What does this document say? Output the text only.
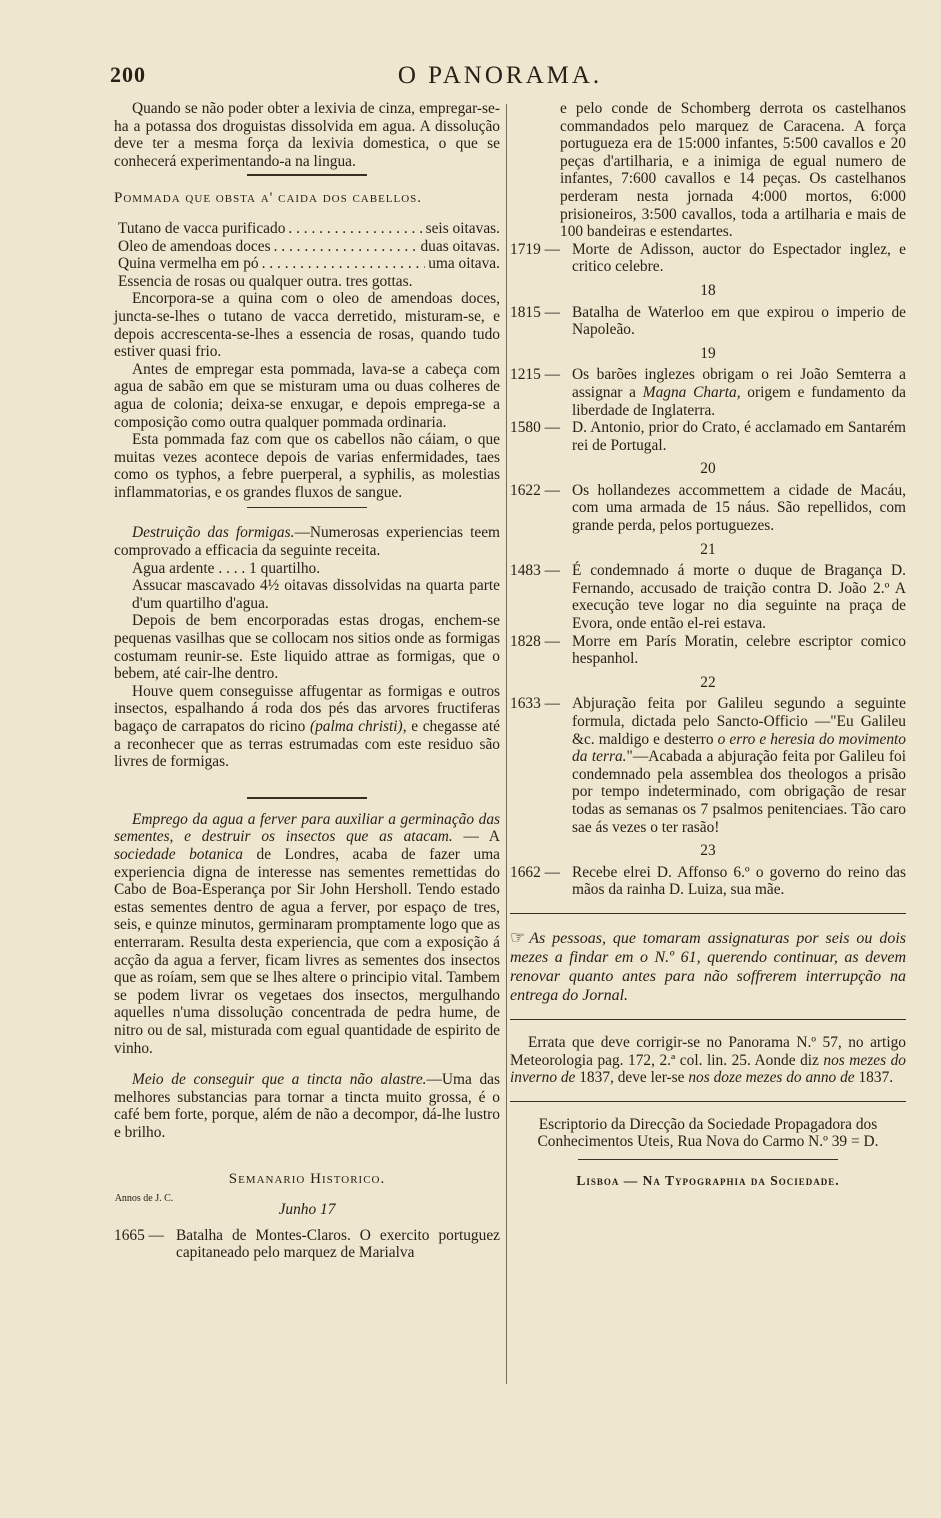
200	O PANORAMA.

Quando se não poder obter a lexivia de cinza, empregar-se-ha a potassa dos droguistas dissolvida em agua. A dissolução deve ter a mesma força da lexivia domestica, o que se conhecerá experimentando-a na lingua.

Pommada que obsta a' caida dos cabellos.
Tutano de vacca purificado . . .	seis oitavas.
Oleo de amendoas doces . . .	duas oitavas.
Quina vermelha em pó . . .	uma oitava.
Essencia de rosas ou qualquer outra. tres gottas.

Encorpora-se a quina com o oleo de amendoas doces, juncta-se-lhes o tutano de vacca derretido, misturam-se, e depois accrescenta-se-lhes a essencia de rosas, quando tudo estiver quasi frio.

Antes de empregar esta pommada, lava-se a cabeça com agua de sabão em que se misturam uma ou duas colheres de agua de colonia; deixa-se enxugar, e depois emprega-se a composição como outra qualquer pommada ordinaria.

Esta pommada faz com que os cabellos não cáiam, o que muitas vezes acontece depois de varias enfermidades, taes como os typhos, a febre puerperal, a syphilis, as molestias inflammatorias, e os grandes fluxos de sangue.

Destruição das formigas.—Numerosas experiencias teem comprovado a efficacia da seguinte receita.

Agua ardente . . . . 1 quartilho.

Assucar mascavado 4½ oitavas dissolvidas na quarta parte d'um quartilho d'agua.

Depois de bem encorporadas estas drogas, enchem-se pequenas vasilhas que se collocam nos sitios onde as formigas costumam reunir-se. Este liquido attrae as formigas, que o bebem, até cair-lhe dentro.

Houve quem conseguisse affugentar as formigas e outros insectos, espalhando á roda dos pés das arvores fructiferas bagaço de carrapatos do ricino (palma christi), e chegasse até a reconhecer que as terras estrumadas com este residuo são livres de formigas.

Emprego da agua a ferver para auxiliar a germinação das sementes, e destruir os insectos que as atacam. — A sociedade botanica de Londres, acaba de fazer uma experiencia digna de interesse nas sementes remettidas do Cabo de Boa-Esperança por Sir John Hersholl. Tendo estado estas sementes dentro de agua a ferver, por espaço de tres, seis, e quinze minutos, germinaram promptamente logo que as enterraram. Resulta desta experiencia, que com a exposição á acção da agua a ferver, ficam livres as sementes dos insectos que as roíam, sem que se lhes altere o principio vital. Tambem se podem livrar os vegetaes dos insectos, mergulhando aquelles n'uma dissolução concentrada de pedra hume, de nitro ou de sal, misturada com egual quantidade de espirito de vinho.

Meio de conseguir que a tincta não alastre.—Uma das melhores substancias para tornar a tincta muito grossa, é o café bem forte, porque, além de não a decompor, dá-lhe lustro e brilho.

Semanario Historico.
Annos de J. C.
Junho 17
1665 — Batalha de Montes-Claros. O exercito portuguez capitaneado pelo marquez de Marialva

e pelo conde de Schomberg derrota os castelhanos commandados pelo marquez de Caracena. A força portugueza era de 15:000 infantes, 5:500 cavallos e 20 peças d'artilharia, e a inimiga de egual numero de infantes, 7:600 cavallos e 14 peças. Os castelhanos perderam nesta jornada 4:000 mortos, 6:000 prisioneiros, 3:500 cavallos, toda a artilharia e mais de 100 bandeiras e estendartes.

1719 — Morte de Adisson, auctor do Espectador inglez, e critico celebre.
18
1815 — Batalha de Waterloo em que expirou o imperio de Napoleão.
19
1215 — Os barões inglezes obrigam o rei João Semterra a assignar a Magna Charta, origem e fundamento da liberdade de Inglaterra.
1580 — D. Antonio, prior do Crato, é acclamado em Santarém rei de Portugal.
20
1622 — Os hollandezes accommettem a cidade de Macáu, com uma armada de 15 náus. São repellidos, com grande perda, pelos portuguezes.
21
1483 — É condemnado á morte o duque de Bragança D. Fernando, accusado de traição contra D. João 2.º A execução teve logar no dia seguinte na praça de Evora, onde então el-rei estava.
1828 — Morre em París Moratin, celebre escriptor comico hespanhol.
22
1633 — Abjuração feita por Galileu segundo a seguinte formula, dictada pelo Sancto-Officio —"Eu Galileu &c. maldigo e desterro o erro e heresia do movimento da terra."—Acabada a abjuração feita por Galileu foi condemnado pela assemblea dos theologos a prisão por tempo indeterminado, com obrigação de resar todas as semanas os 7 psalmos penitenciaes. Tão caro sae ás vezes o ter rasão!
23
1662 — Recebe elrei D. Affonso 6.º o governo do reino das mãos da rainha D. Luiza, sua mãe.

☞ As pessoas, que tomaram assignaturas por seis ou dois mezes a findar em o N.º 61, querendo continuar, as devem renovar quanto antes para não soffrerem interrupção na entrega do Jornal.

Errata que deve corrigir-se no Panorama N.º 57, no artigo Meteorologia pag. 172, 2.ª col. lin. 25. Aonde diz nos mezes do inverno de 1837, deve ler-se nos doze mezes do anno de 1837.

Escriptorio da Direcção da Sociedade Propagadora dos Conhecimentos Uteis, Rua Nova do Carmo N.º 39 = D.

Lisboa — Na Typographia da Sociedade.
